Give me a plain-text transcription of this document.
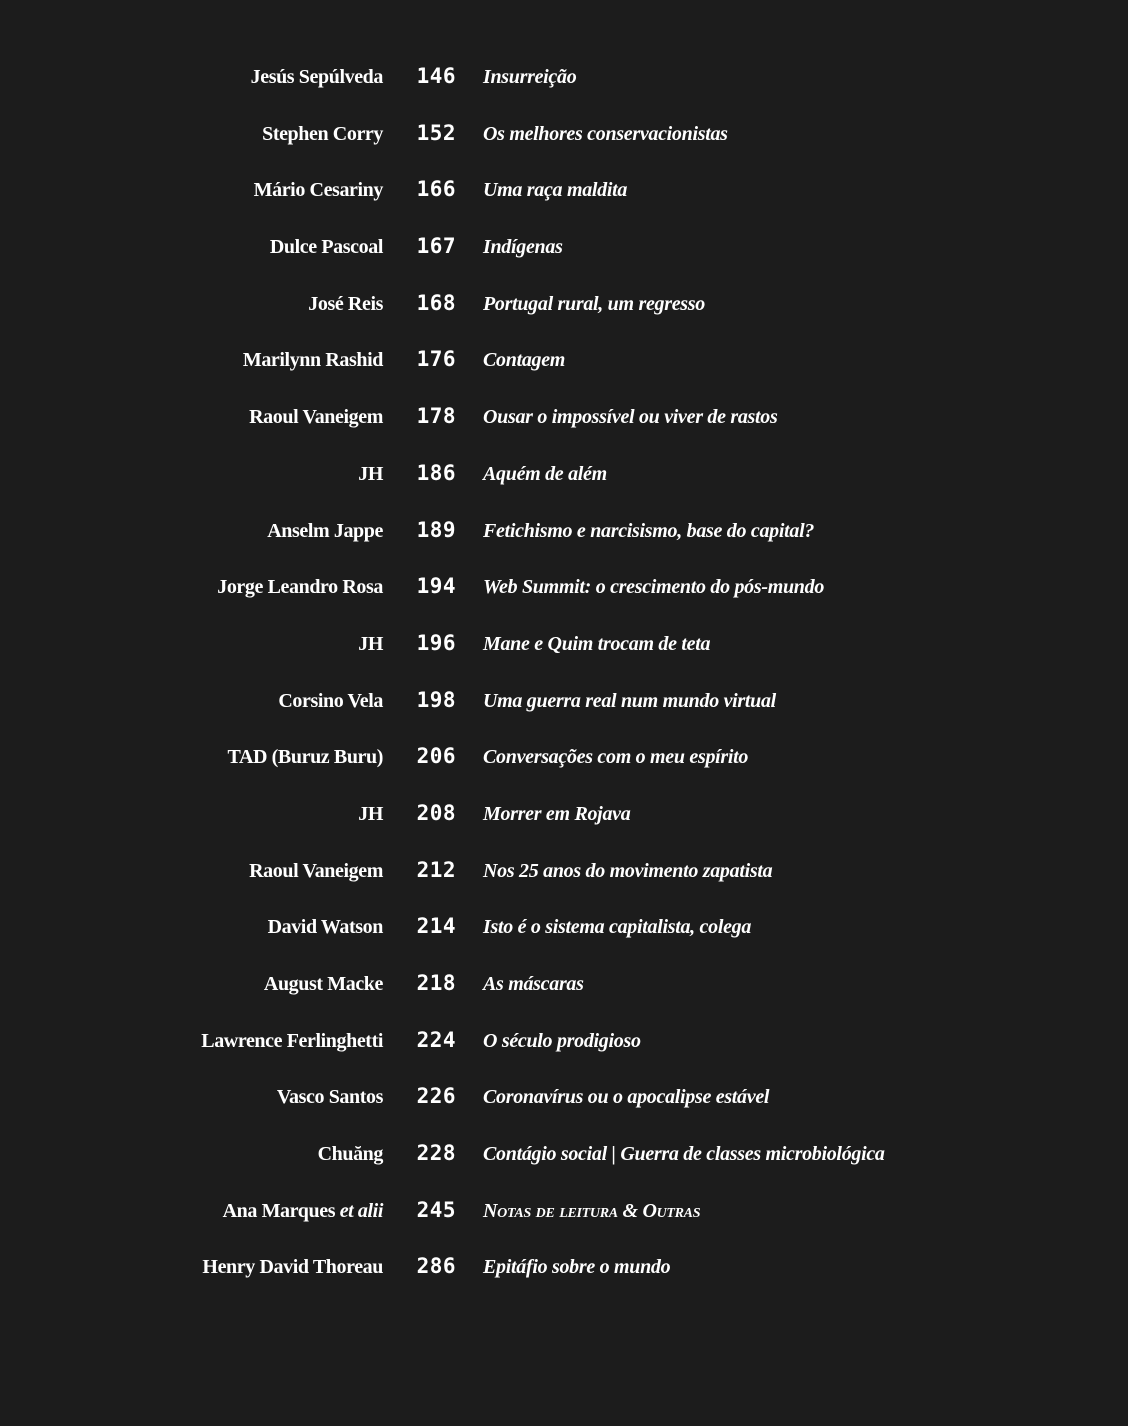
Jesús Sepúlveda	146	Insurreição
Stephen Corry	152	Os melhores conservacionistas
Mário Cesariny	166	Uma raça maldita
Dulce Pascoal	167	Indígenas
José Reis	168	Portugal rural, um regresso
Marilynn Rashid	176	Contagem
Raoul Vaneigem	178	Ousar o impossível ou viver de rastos
JH	186	Aquém de além
Anselm Jappe	189	Fetichismo e narcisismo, base do capital?
Jorge Leandro Rosa	194	Web Summit: o crescimento do pós-mundo
JH	196	Mane e Quim trocam de teta
Corsino Vela	198	Uma guerra real num mundo virtual
TAD (Buruz Buru)	206	Conversações com o meu espírito
JH	208	Morrer em Rojava
Raoul Vaneigem	212	Nos 25 anos do movimento zapatista
David Watson	214	Isto é o sistema capitalista, colega
August Macke	218	As máscaras
Lawrence Ferlinghetti	224	O século prodigioso
Vasco Santos	226	Coronavírus ou o apocalipse estável
Chuăng	228	Contágio social | Guerra de classes microbiológica
Ana Marques et alii	245	Notas de leitura & Outras
Henry David Thoreau	286	Epitáfio sobre o mundo
